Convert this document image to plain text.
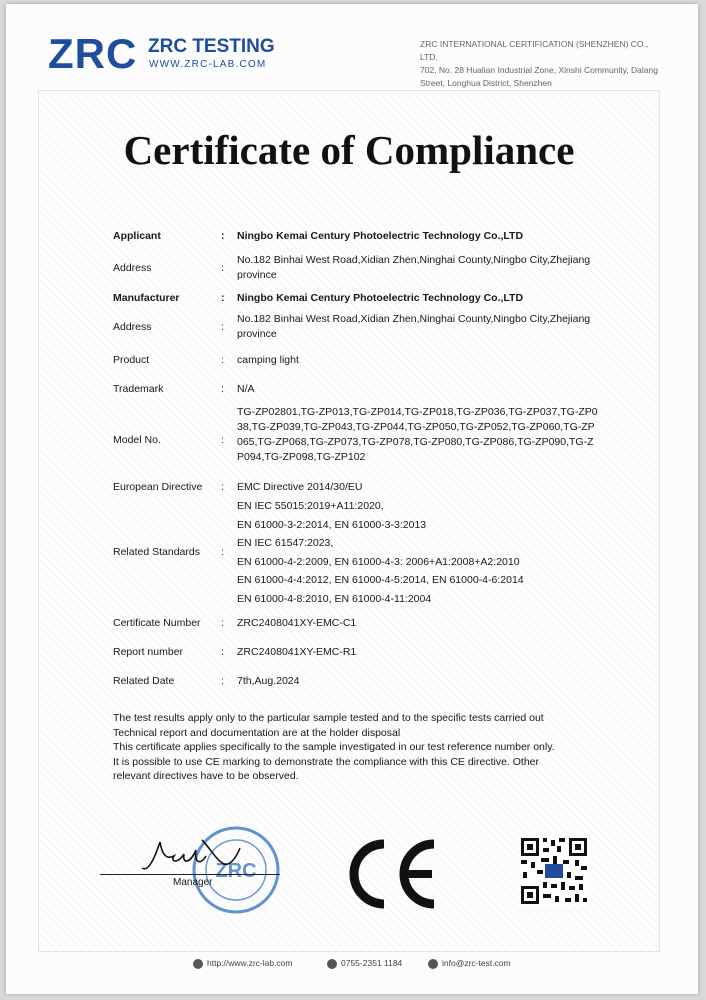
ZRC ZRC TESTING
WWW.ZRC-LAB.COM
ZRC INTERNATIONAL CERTIFICATION (SHENZHEN) CO., LTD.
702, No. 28 Hualian Industrial Zone, Xinshi Community, Dalang
Street, Longhua District, Shenzhen
Certificate of Compliance
Applicant	: Ningbo Kemai Century Photoelectric Technology Co.,LTD
Address	:
No.182 Binhai West Road,Xidian Zhen,Ninghai County,Ningbo City,Zhejiang province
Manufacturer	: Ningbo Kemai Century Photoelectric Technology Co.,LTD
Address	:
No.182 Binhai West Road,Xidian Zhen,Ninghai County,Ningbo City,Zhejiang province
Product	: camping light
Trademark	: N/A
Model No.	:
TG-ZP02801,TG-ZP013,TG-ZP014,TG-ZP018,TG-ZP036,TG-ZP037,TG-ZP0
38,TG-ZP039,TG-ZP043,TG-ZP044,TG-ZP050,TG-ZP052,TG-ZP060,TG-ZP
065,TG-ZP068,TG-ZP073,TG-ZP078,TG-ZP080,TG-ZP086,TG-ZP090,TG-Z
P094,TG-ZP098,TG-ZP102
European Directive	: EMC Directive 2014/30/EU
Related Standards	:
EN IEC 55015:2019+A11:2020,
EN 61000-3-2:2014, EN 61000-3-3:2013
EN IEC 61547:2023,
EN 61000-4-2:2009, EN 61000-4-3: 2006+A1:2008+A2:2010
EN 61000-4-4:2012, EN 61000-4-5:2014, EN 61000-4-6:2014
EN 61000-4-8:2010, EN 61000-4-11:2004
Certificate Number	: ZRC2408041XY-EMC-C1
Report number	: ZRC2408041XY-EMC-R1
Related Date	: 7th,Aug.2024
The test results apply only to the particular sample tested and to the specific tests carried out
Technical report and documentation are at the holder disposal
This certificate applies specifically to the sample investigated in our test reference number only.
It is possible to use CE marking to demonstrate the compliance with this CE directive. Other
relevant directives have to be observed.
ZRC
Manager
http://www.zrc-lab.com	0755-2351 1184	info@zrc-test.com
